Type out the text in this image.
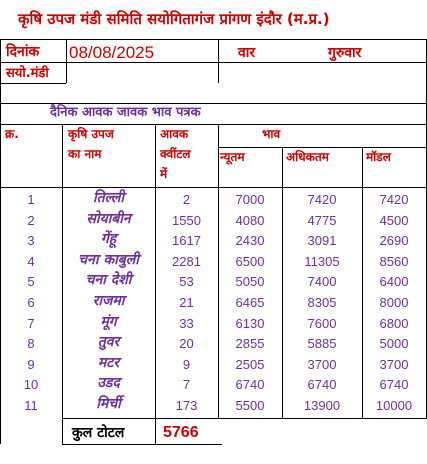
कृषि उपज मंडी समिति सयोगितागंज प्रांगण इंदौर (म.प्र.)
दिनांक 08/08/2025
सयो.मंडी
वार	गुरुवार
दैनिक आवक जावक भाव पत्रक
क्र.	कृषि उपज
का नाम
आवक
क्वींटल
में
भाव
न्यूतम	अधिकतम	मॉडल
1	तिल्ली	2	7000	7420	7420
2	सोयाबीन	1550	4080	4775	4500
3	गेंहू	1617	2430	3091	2690
4	चना काबुली	2281	6500	11305	8560
5	चना देशी	53	5050	7400	6400
6	राजमा	21	6465	8305	8000
7	मूंग	33	6130	7600	6800
8	तुवर	20	2855	5885	5000
9	मटर	9	2505	3700	3700
10	उडद	7	6740	6740	6740
11	मिर्ची	173	5500	13900	10000
कुल टोटल 5766
